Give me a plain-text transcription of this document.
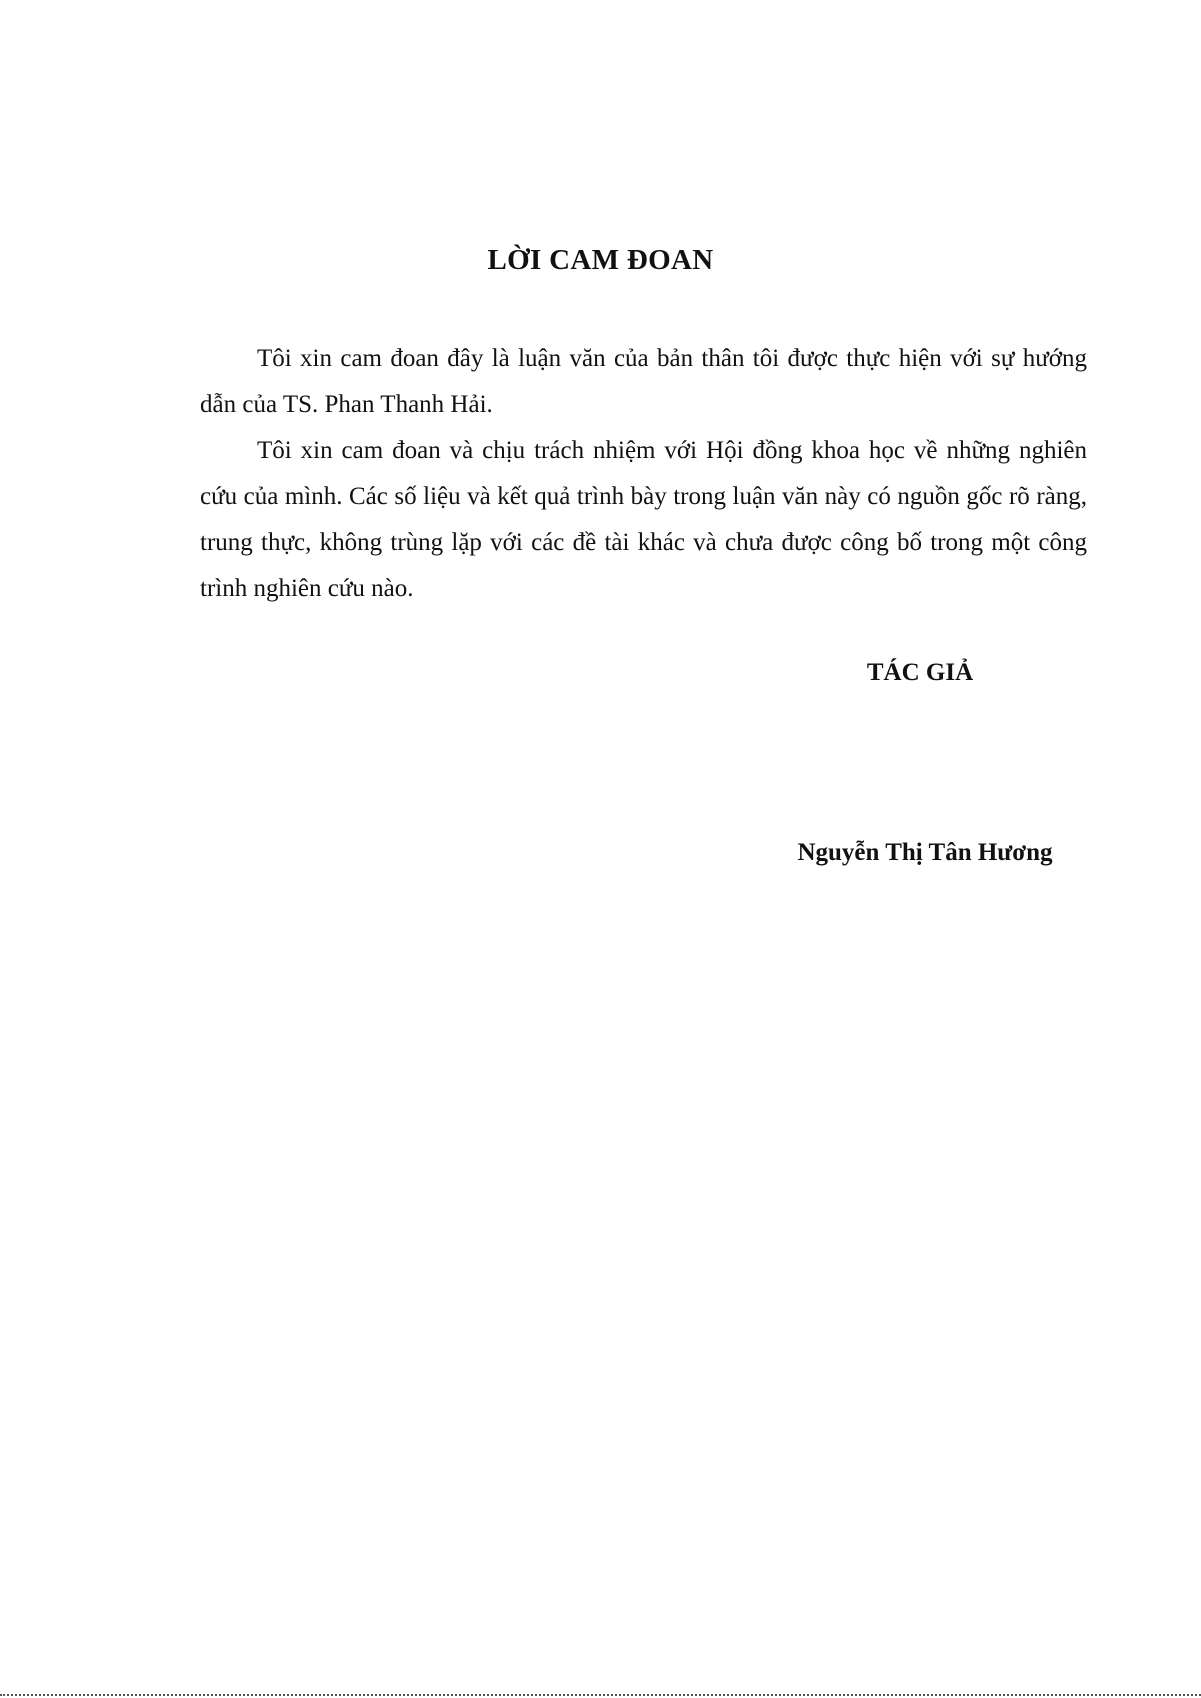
LỜI CAM ĐOAN

Tôi xin cam đoan đây là luận văn của bản thân tôi được thực hiện với sự hướng dẫn của TS. Phan Thanh Hải.

Tôi xin cam đoan và chịu trách nhiệm với Hội đồng khoa học về những nghiên cứu của mình. Các số liệu và kết quả trình bày trong luận văn này có nguồn gốc rõ ràng, trung thực, không trùng lặp với các đề tài khác và chưa được công bố trong một công trình nghiên cứu nào.

TÁC GIẢ
Nguyễn Thị Tân Hương
